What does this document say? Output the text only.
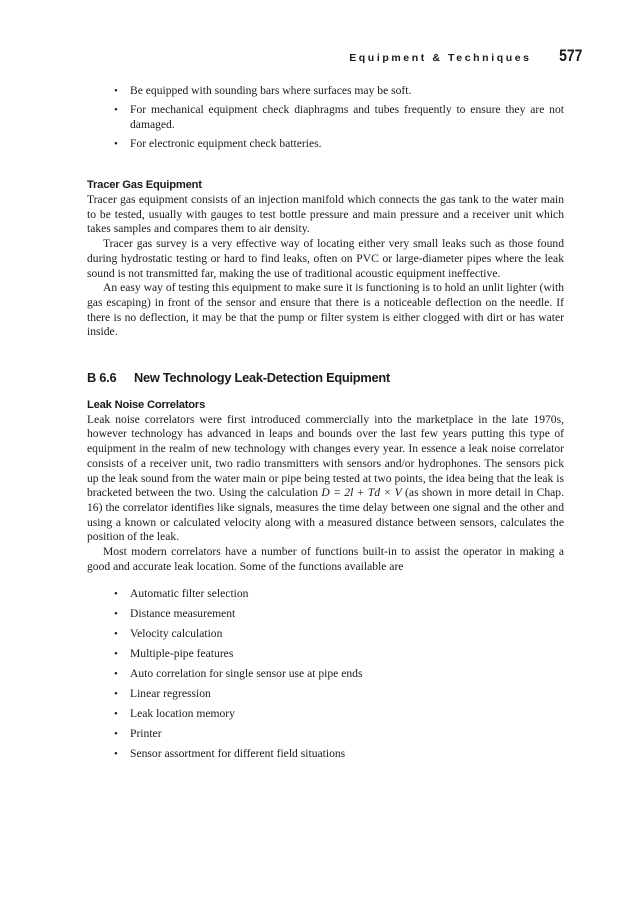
Equipment & Techniques 577
• Be equipped with sounding bars where surfaces may be soft.
• For mechanical equipment check diaphragms and tubes frequently to ensure they are not damaged.
• For electronic equipment check batteries.
Tracer Gas Equipment

Tracer gas equipment consists of an injection manifold which connects the gas tank to the water main to be tested, usually with gauges to test bottle pressure and main pressure and a receiver unit which takes samples and compares them to air density.

Tracer gas survey is a very effective way of locating either very small leaks such as those found during hydrostatic testing or hard to find leaks, often on PVC or large-diameter pipes where the leak sound is not transmitted far, making the use of traditional acoustic equipment ineffective.

An easy way of testing this equipment to make sure it is functioning is to hold an unlit lighter (with gas escaping) in front of the sensor and ensure that there is a noticeable deflection on the needle. If there is no deflection, it may be that the pump or filter system is either clogged with dirt or has water inside.

B 6.6 New Technology Leak-Detection Equipment
Leak Noise Correlators

Leak noise correlators were first introduced commercially into the marketplace in the late 1970s, however technology has advanced in leaps and bounds over the last few years putting this type of equipment in the realm of new technology with changes every year. In essence a leak noise correlator consists of a receiver unit, two radio transmitters with sensors and/or hydrophones. The sensors pick up the leak sound from the water main or pipe being tested at two points, the idea being that the leak is bracketed between the two. Using the calculation D = 2l + Td × V (as shown in more detail in Chap. 16) the correlator identifies like signals, measures the time delay between one signal and the other and using a known or calculated velocity along with a measured distance between sensors, calculates the position of the leak.

Most modern correlators have a number of functions built-in to assist the operator in making a good and accurate leak location. Some of the functions available are

• Automatic filter selection
• Distance measurement
• Velocity calculation
• Multiple-pipe features
• Auto correlation for single sensor use at pipe ends
• Linear regression
• Leak location memory
• Printer
• Sensor assortment for different field situations
